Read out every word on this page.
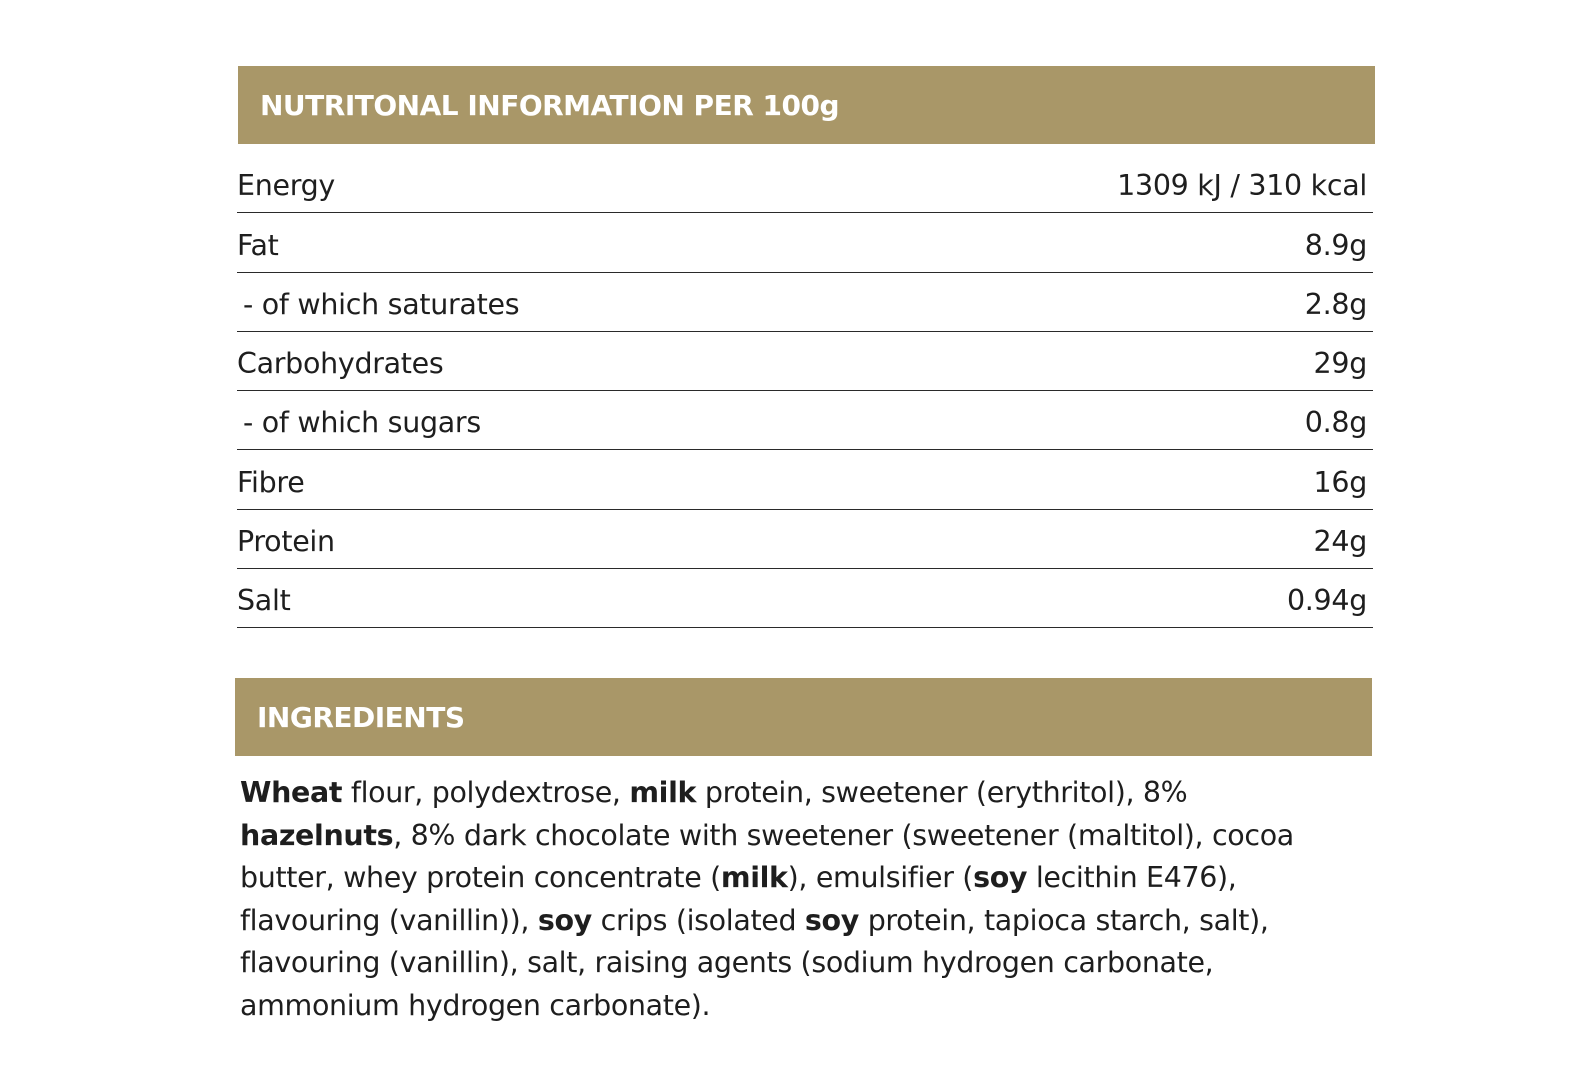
NUTRITONAL INFORMATION PER 100g
Energy	1309 kJ / 310 kcal
Fat	8.9g
- of which saturates	2.8g
Carbohydrates	29g
- of which sugars	0.8g
Fibre	16g
Protein	24g
Salt	0.94g
INGREDIENTS

Wheat flour, polydextrose, milk protein, sweetener (erythritol), 8%
hazelnuts, 8% dark chocolate with sweetener (sweetener (maltitol), cocoa butter, whey protein concentrate (milk), emulsifier (soy lecithin E476), flavouring (vanillin)), soy crips (isolated soy protein, tapioca starch, salt), flavouring (vanillin), salt, raising agents (sodium hydrogen carbonate, ammonium hydrogen carbonate).
